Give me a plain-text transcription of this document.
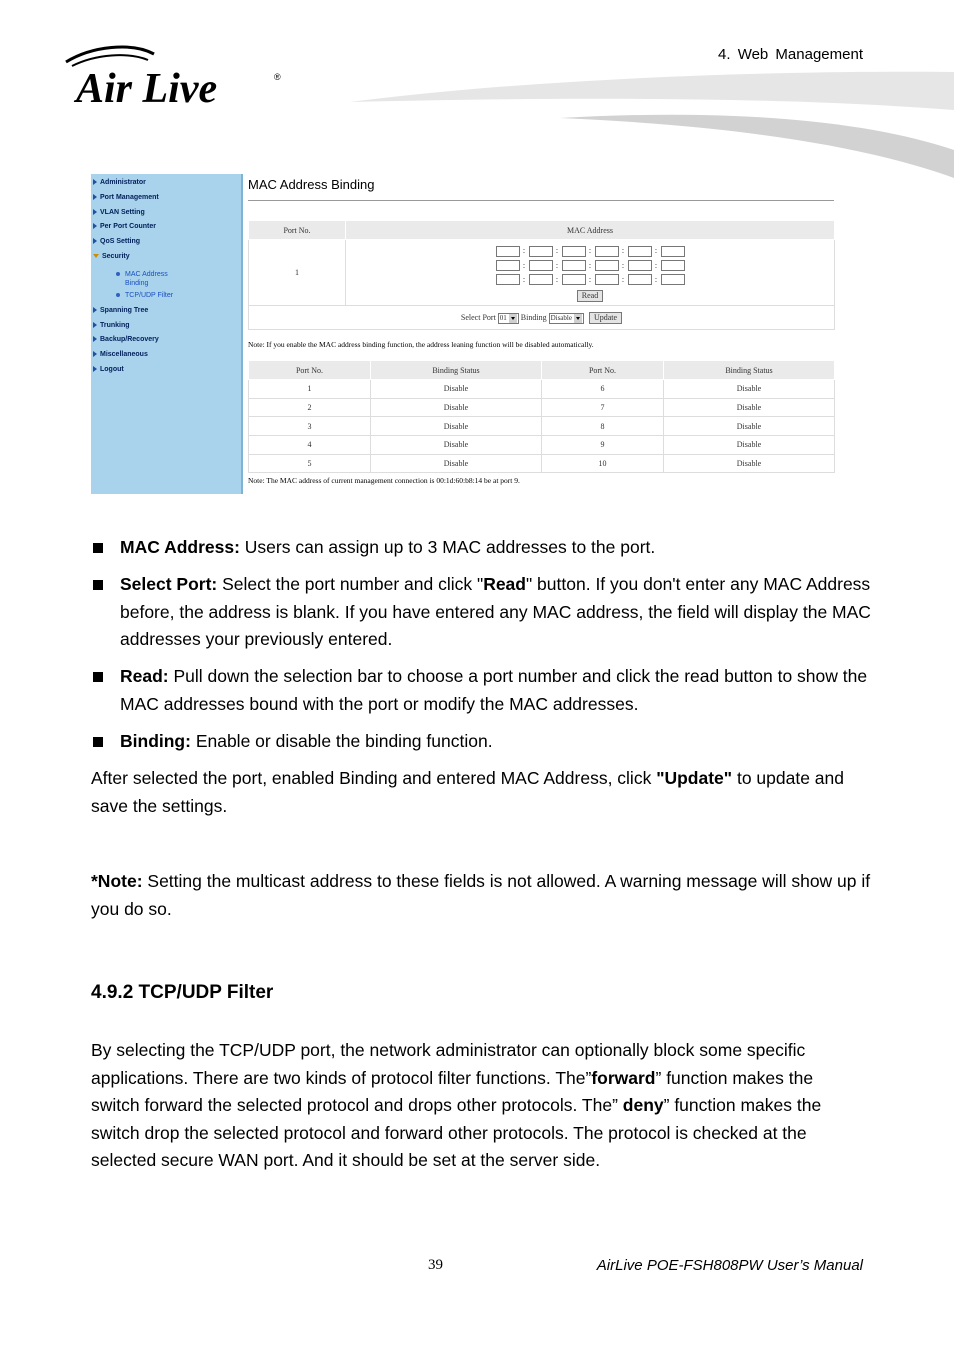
4. Web Management
Air Live	®
Administrator
Port Management
VLAN Setting
Per Port Counter
QoS Setting
Security
MAC Address Binding
TCP/UDP Filter
Spanning Tree
Trunking
Backup/Recovery
Miscellaneous
Logout
MAC Address Binding
Port No.	MAC Address
1	: : : : :
: : : : :
: : : : :
Read

Select Port 01 Binding Disable Update	
Note: If you enable the MAC address binding function, the address leaning function will be disabled automatically.
Port No.	Binding Status	Port No.	Binding Status
1	Disable	6	Disable
2	Disable	7	Disable
3	Disable	8	Disable
4	Disable	9	Disable
5	Disable	10	Disable
Note: The MAC address of current management connection is 00:1d:60:b8:14 be at port 9.
MAC Address: Users can assign up to 3 MAC addresses to the port.
Select Port: Select the port number and click "Read" button. If you don't enter any MAC Address before, the address is blank. If you have entered any MAC address, the field will display the MAC addresses your previously entered.
Read: Pull down the selection bar to choose a port number and click the read button to show the MAC addresses bound with the port or modify the MAC addresses.
Binding: Enable or disable the binding function.
After selected the port, enabled Binding and entered MAC Address, click "Update" to update and save the settings.
*Note: Setting the multicast address to these fields is not allowed. A warning message will show up if you do so.
4.9.2 TCP/UDP Filter
By selecting the TCP/UDP port, the network administrator can optionally block some specific applications. There are two kinds of protocol filter functions. The”forward” function makes the switch forward the selected protocol and drops other protocols. The” deny” function makes the switch drop the selected protocol and forward other protocols. The protocol is checked at the selected secure WAN port. And it should be set at the server side.
39	AirLive POE-FSH808PW User’s Manual
